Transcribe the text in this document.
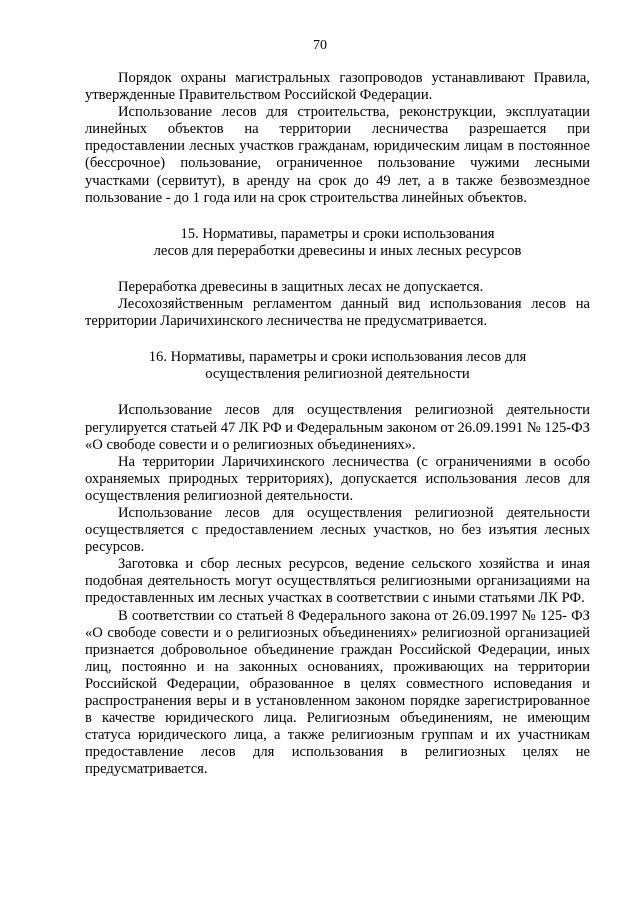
70

Порядок охраны магистральных газопроводов устанавливают Правила, утвержденные Правительством Российской Федерации.

Использование лесов для строительства, реконструкции, эксплуатации линейных объектов на территории лесничества разрешается при предоставлении лесных участков гражданам, юридическим лицам в постоянное (бессрочное) пользование, ограниченное пользование чужими лесными участками (сервитут), в аренду на срок до 49 лет, а в также безвозмездное пользование - до 1 года или на срок строительства линейных объектов.

15. Нормативы, параметры и сроки использования
лесов для переработки древесины и иных лесных ресурсов

Переработка древесины в защитных лесах не допускается.

Лесохозяйственным регламентом данный вид использования лесов на территории Ларичихинского лесничества не предусматривается.

16. Нормативы, параметры и сроки использования лесов для
осуществления религиозной деятельности

Использование лесов для осуществления религиозной деятельности регулируется статьей 47 ЛК РФ и Федеральным законом от 26.09.1991 № 125-ФЗ «О свободе совести и о религиозных объединениях».

На территории Ларичихинского лесничества (с ограничениями в особо охраняемых природных территориях), допускается использования лесов для осуществления религиозной деятельности.

Использование лесов для осуществления религиозной деятельности осуществляется с предоставлением лесных участков, но без изъятия лесных ресурсов.

Заготовка и сбор лесных ресурсов, ведение сельского хозяйства и иная подобная деятельность могут осуществляться религиозными организациями на предоставленных им лесных участках в соответствии с иными статьями ЛК РФ.

В соответствии со статьей 8 Федерального закона от 26.09.1997 № 125- ФЗ «О свободе совести и о религиозных объединениях» религиозной организацией признается добровольное объединение граждан Российской Федерации, иных лиц, постоянно и на законных основаниях, проживающих на территории Российской Федерации, образованное в целях совместного исповедания и распространения веры и в установленном законом порядке зарегистрированное в качестве юридического лица. Религиозным объединениям, не имеющим статуса юридического лица, а также религиозным группам и их участникам предоставление лесов для использования в религиозных целях не предусматривается.
